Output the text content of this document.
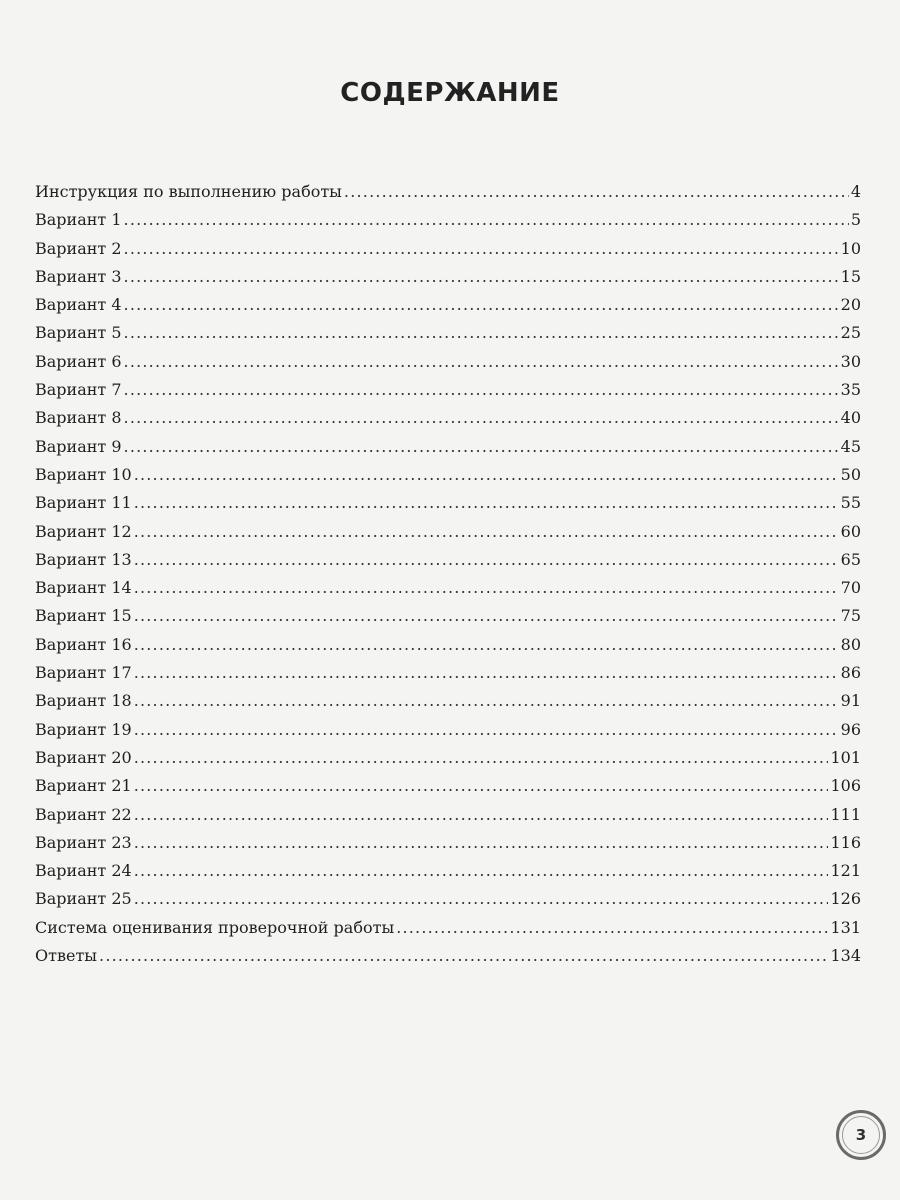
СОДЕРЖАНИЕ
Инструкция по выполнению работы .....	4
Вариант 1 .....	5
Вариант 2 .....	10
Вариант 3 .....	15
Вариант 4 .....	20
Вариант 5 .....	25
Вариант 6 .....	30
Вариант 7 .....	35
Вариант 8 .....	40
Вариант 9 .....	45
Вариант 10 .....	50
Вариант 11 .....	55
Вариант 12 .....	60
Вариант 13 .....	65
Вариант 14 .....	70
Вариант 15 .....	75
Вариант 16 .....	80
Вариант 17 .....	86
Вариант 18 .....	91
Вариант 19 .....	96
Вариант 20 .....	101
Вариант 21 .....	106
Вариант 22 .....	111
Вариант 23 .....	116
Вариант 24 .....	121
Вариант 25 .....	126
Система оценивания проверочной работы .....	131
Ответы .....	134
3
